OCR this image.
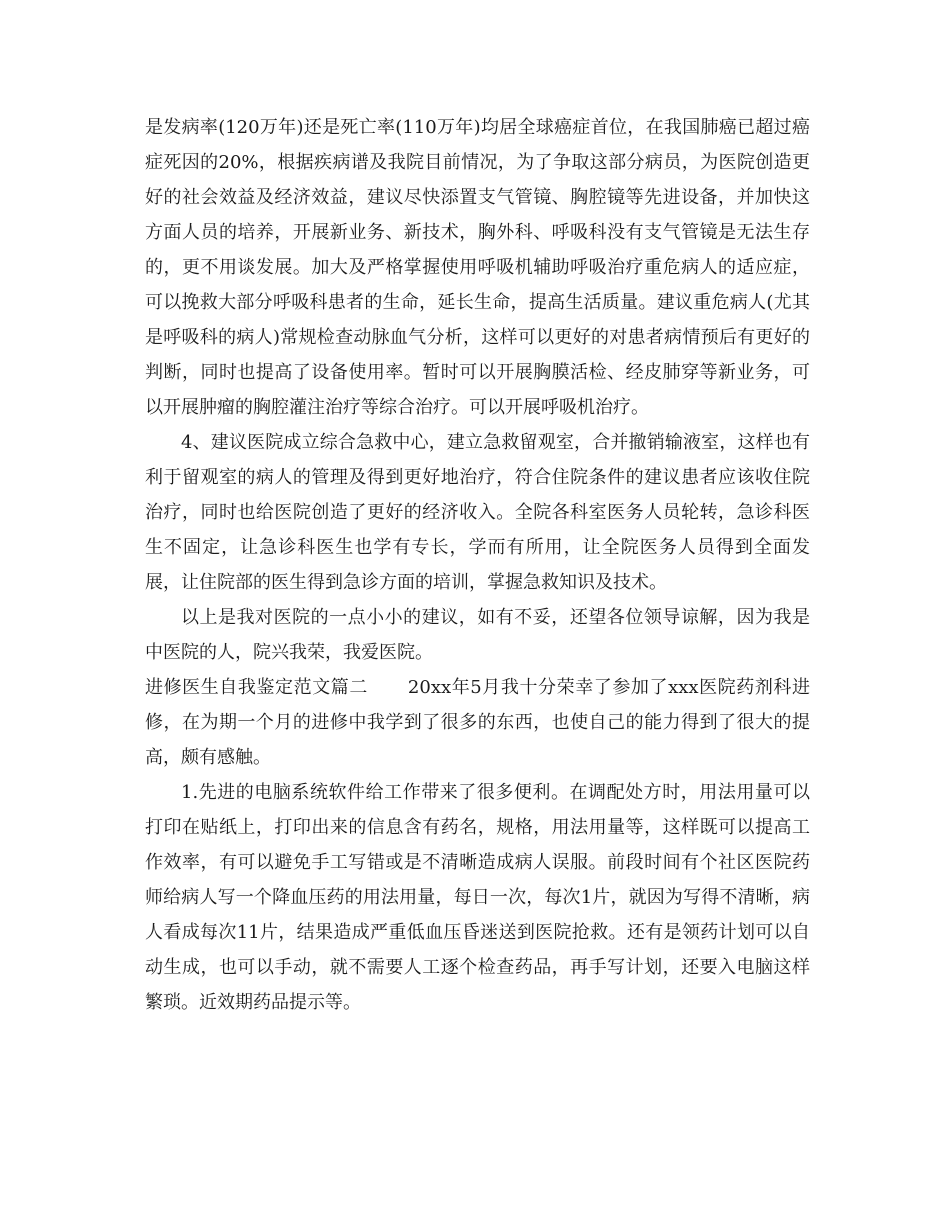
是发病率(120万年)还是死亡率(110万年)均居全球癌症首位，在我国肺癌已超过癌症死因的20%，根据疾病谱及我院目前情况，为了争取这部分病员，为医院创造更好的社会效益及经济效益，建议尽快添置支气管镜、胸腔镜等先进设备，并加快这方面人员的培养，开展新业务、新技术，胸外科、呼吸科没有支气管镜是无法生存的，更不用谈发展。加大及严格掌握使用呼吸机辅助呼吸治疗重危病人的适应症，可以挽救大部分呼吸科患者的生命，延长生命，提高生活质量。建议重危病人(尤其是呼吸科的病人)常规检查动脉血气分析，这样可以更好的对患者病情预后有更好的判断，同时也提高了设备使用率。暂时可以开展胸膜活检、经皮肺穿等新业务，可以开展肿瘤的胸腔灌注治疗等综合治疗。可以开展呼吸机治疗。

4、建议医院成立综合急救中心，建立急救留观室，合并撤销输液室，这样也有利于留观室的病人的管理及得到更好地治疗，符合住院条件的建议患者应该收住院治疗，同时也给医院创造了更好的经济收入。全院各科室医务人员轮转，急诊科医生不固定，让急诊科医生也学有专长，学而有所用，让全院医务人员得到全面发展，让住院部的医生得到急诊方面的培训，掌握急救知识及技术。

以上是我对医院的一点小小的建议，如有不妥，还望各位领导谅解，因为我是中医院的人，院兴我荣，我爱医院。

进修医生自我鉴定范文篇二 20xx年5月我十分荣幸了参加了xxx医院药剂科进修，在为期一个月的进修中我学到了很多的东西，也使自己的能力得到了很大的提高，颇有感触。

1.先进的电脑系统软件给工作带来了很多便利。在调配处方时，用法用量可以打印在贴纸上，打印出来的信息含有药名，规格，用法用量等，这样既可以提高工作效率，有可以避免手工写错或是不清晰造成病人误服。前段时间有个社区医院药师给病人写一个降血压药的用法用量，每日一次，每次1片，就因为写得不清晰，病人看成每次11片，结果造成严重低血压昏迷送到医院抢救。还有是领药计划可以自动生成，也可以手动，就不需要人工逐个检查药品，再手写计划，还要入电脑这样繁琐。近效期药品提示等。
